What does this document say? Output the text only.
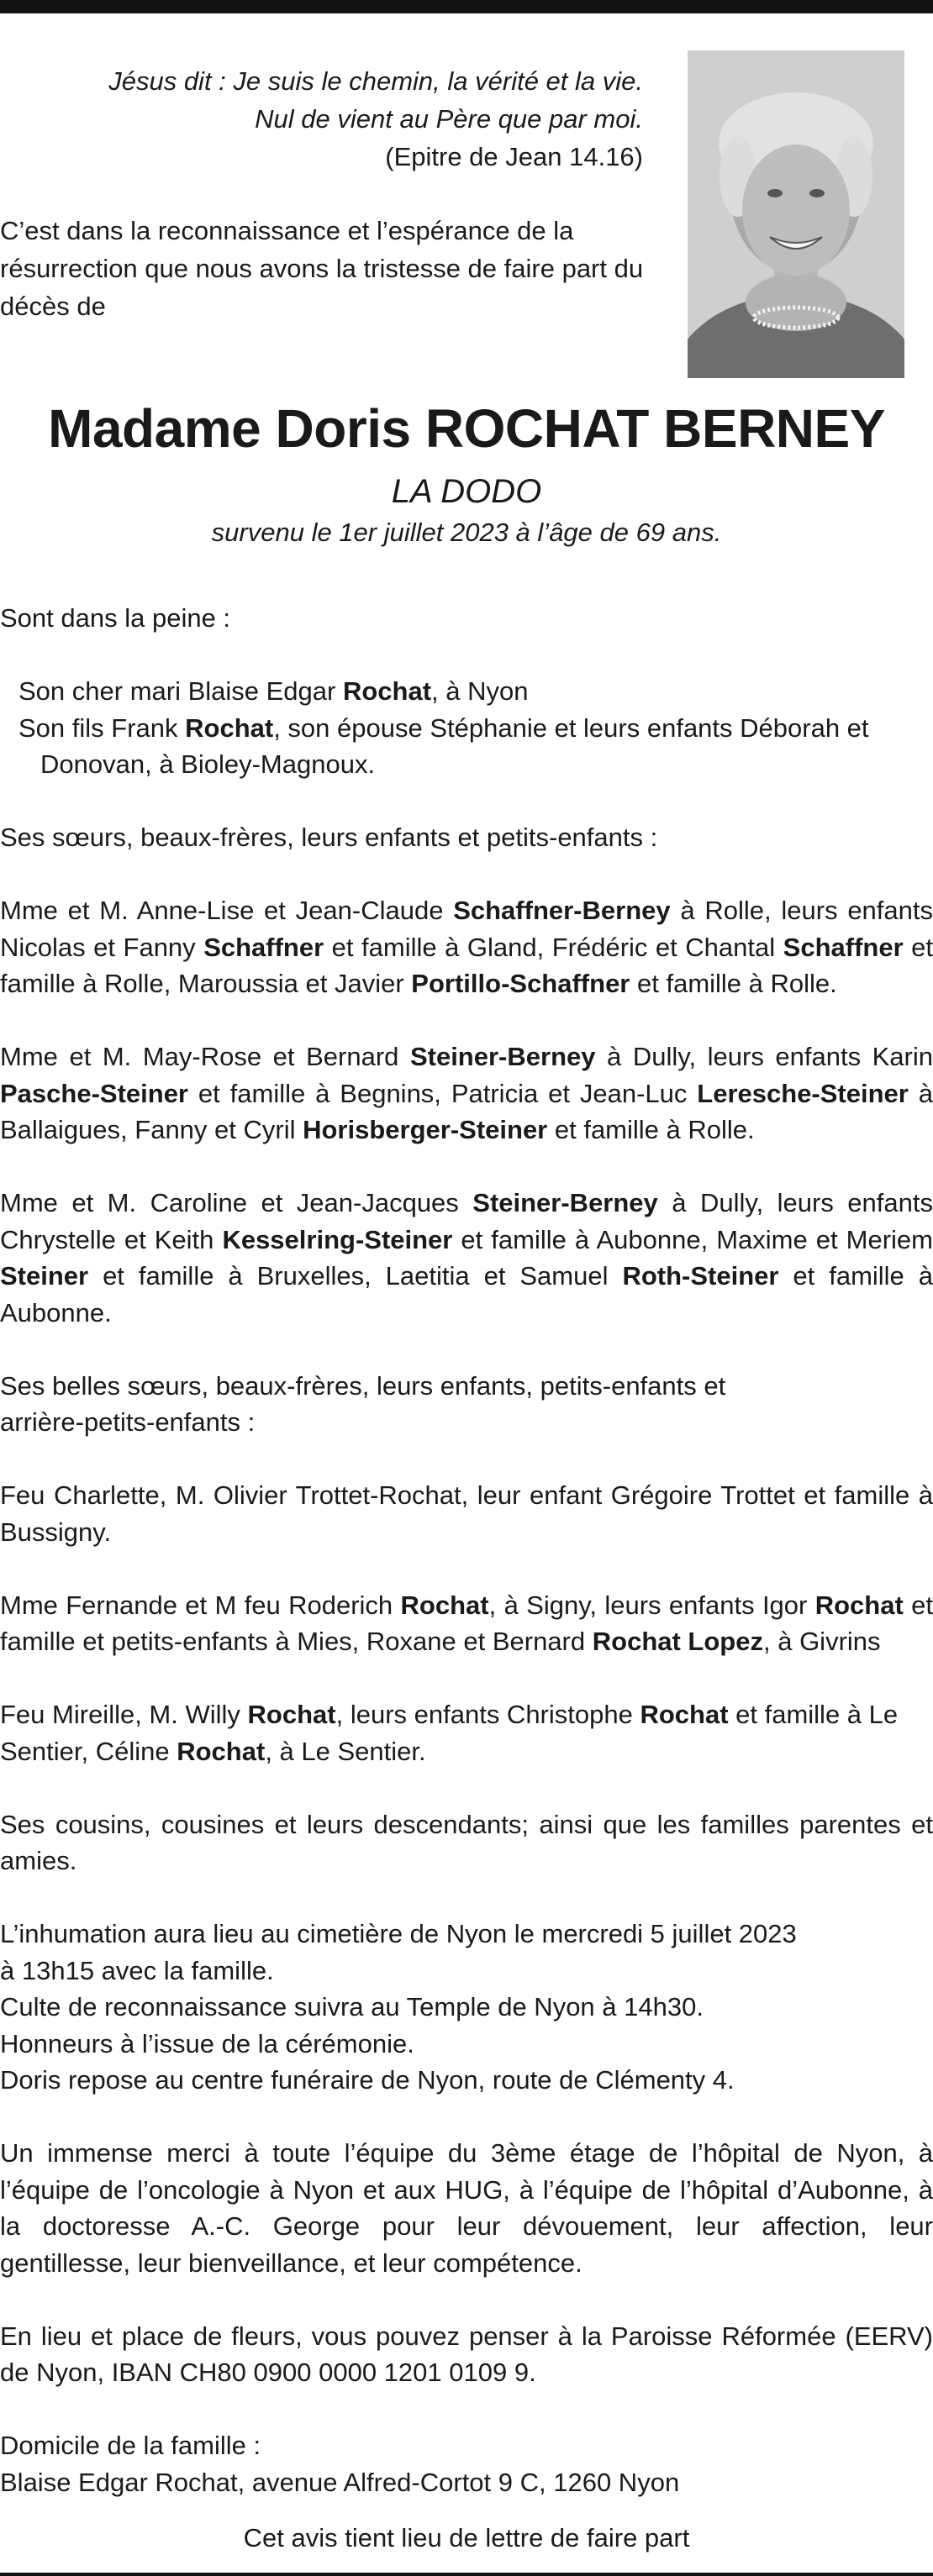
Jésus dit : Je suis le chemin, la vérité et la vie.
Nul de vient au Père que par moi.
(Epitre de Jean 14.16)
C’est dans la reconnaissance et l’espérance de la résurrection que nous avons la tristesse de faire part du décès de
Madame Doris ROCHAT BERNEY
LA DODO
survenu le 1er juillet 2023 à l’âge de 69 ans.

Sont dans la peine :

Son cher mari Blaise Edgar Rochat, à Nyon

Son fils Frank Rochat, son épouse Stéphanie et leurs enfants Déborah et Donovan, à Bioley-Magnoux.

Ses sœurs, beaux-frères, leurs enfants et petits-enfants :

Mme et M. Anne-Lise et Jean-Claude Schaffner-Berney à Rolle, leurs enfants Nicolas et Fanny Schaffner et famille à Gland, Frédéric et Chantal Schaffner et famille à Rolle, Maroussia et Javier Portillo-Schaffner et famille à Rolle.

Mme et M. May-Rose et Bernard Steiner-Berney à Dully, leurs enfants Karin Pasche-Steiner et famille à Begnins, Patricia et Jean-Luc Leresche-Steiner à Ballaigues, Fanny et Cyril Horisberger-Steiner et famille à Rolle.

Mme et M. Caroline et Jean-Jacques Steiner-Berney à Dully, leurs enfants Chrystelle et Keith Kesselring-Steiner et famille à Aubonne, Maxime et Meriem Steiner et famille à Bruxelles, Laetitia et Samuel Roth-Steiner et famille à Aubonne.

Ses belles sœurs, beaux-frères, leurs enfants, petits-enfants et arrière-petits-enfants :

Feu Charlette, M. Olivier Trottet-Rochat, leur enfant Grégoire Trottet et famille à Bussigny.

Mme Fernande et M feu Roderich Rochat, à Signy, leurs enfants Igor Rochat et famille et petits-enfants à Mies, Roxane et Bernard Rochat Lopez, à Givrins

Feu Mireille, M. Willy Rochat, leurs enfants Christophe Rochat et famille à Le Sentier, Céline Rochat, à Le Sentier.

Ses cousins, cousines et leurs descendants; ainsi que les familles parentes et amies.

L’inhumation aura lieu au cimetière de Nyon le mercredi 5 juillet 2023
à 13h15 avec la famille.
Culte de reconnaissance suivra au Temple de Nyon à 14h30.
Honneurs à l’issue de la cérémonie.
Doris repose au centre funéraire de Nyon, route de Clémenty 4.

Un immense merci à toute l’équipe du 3ème étage de l’hôpital de Nyon, à l’équipe de l’oncologie à Nyon et aux HUG, à l’équipe de l’hôpital d’Aubonne, à la doctoresse A.-C. George pour leur dévouement, leur affection, leur gentillesse, leur bienveillance, et leur compétence.

En lieu et place de fleurs, vous pouvez penser à la Paroisse Réformée (EERV) de Nyon, IBAN CH80 0900 0000 1201 0109 9.

Domicile de la famille :
Blaise Edgar Rochat, avenue Alfred-Cortot 9 C, 1260 Nyon

Cet avis tient lieu de lettre de faire part
